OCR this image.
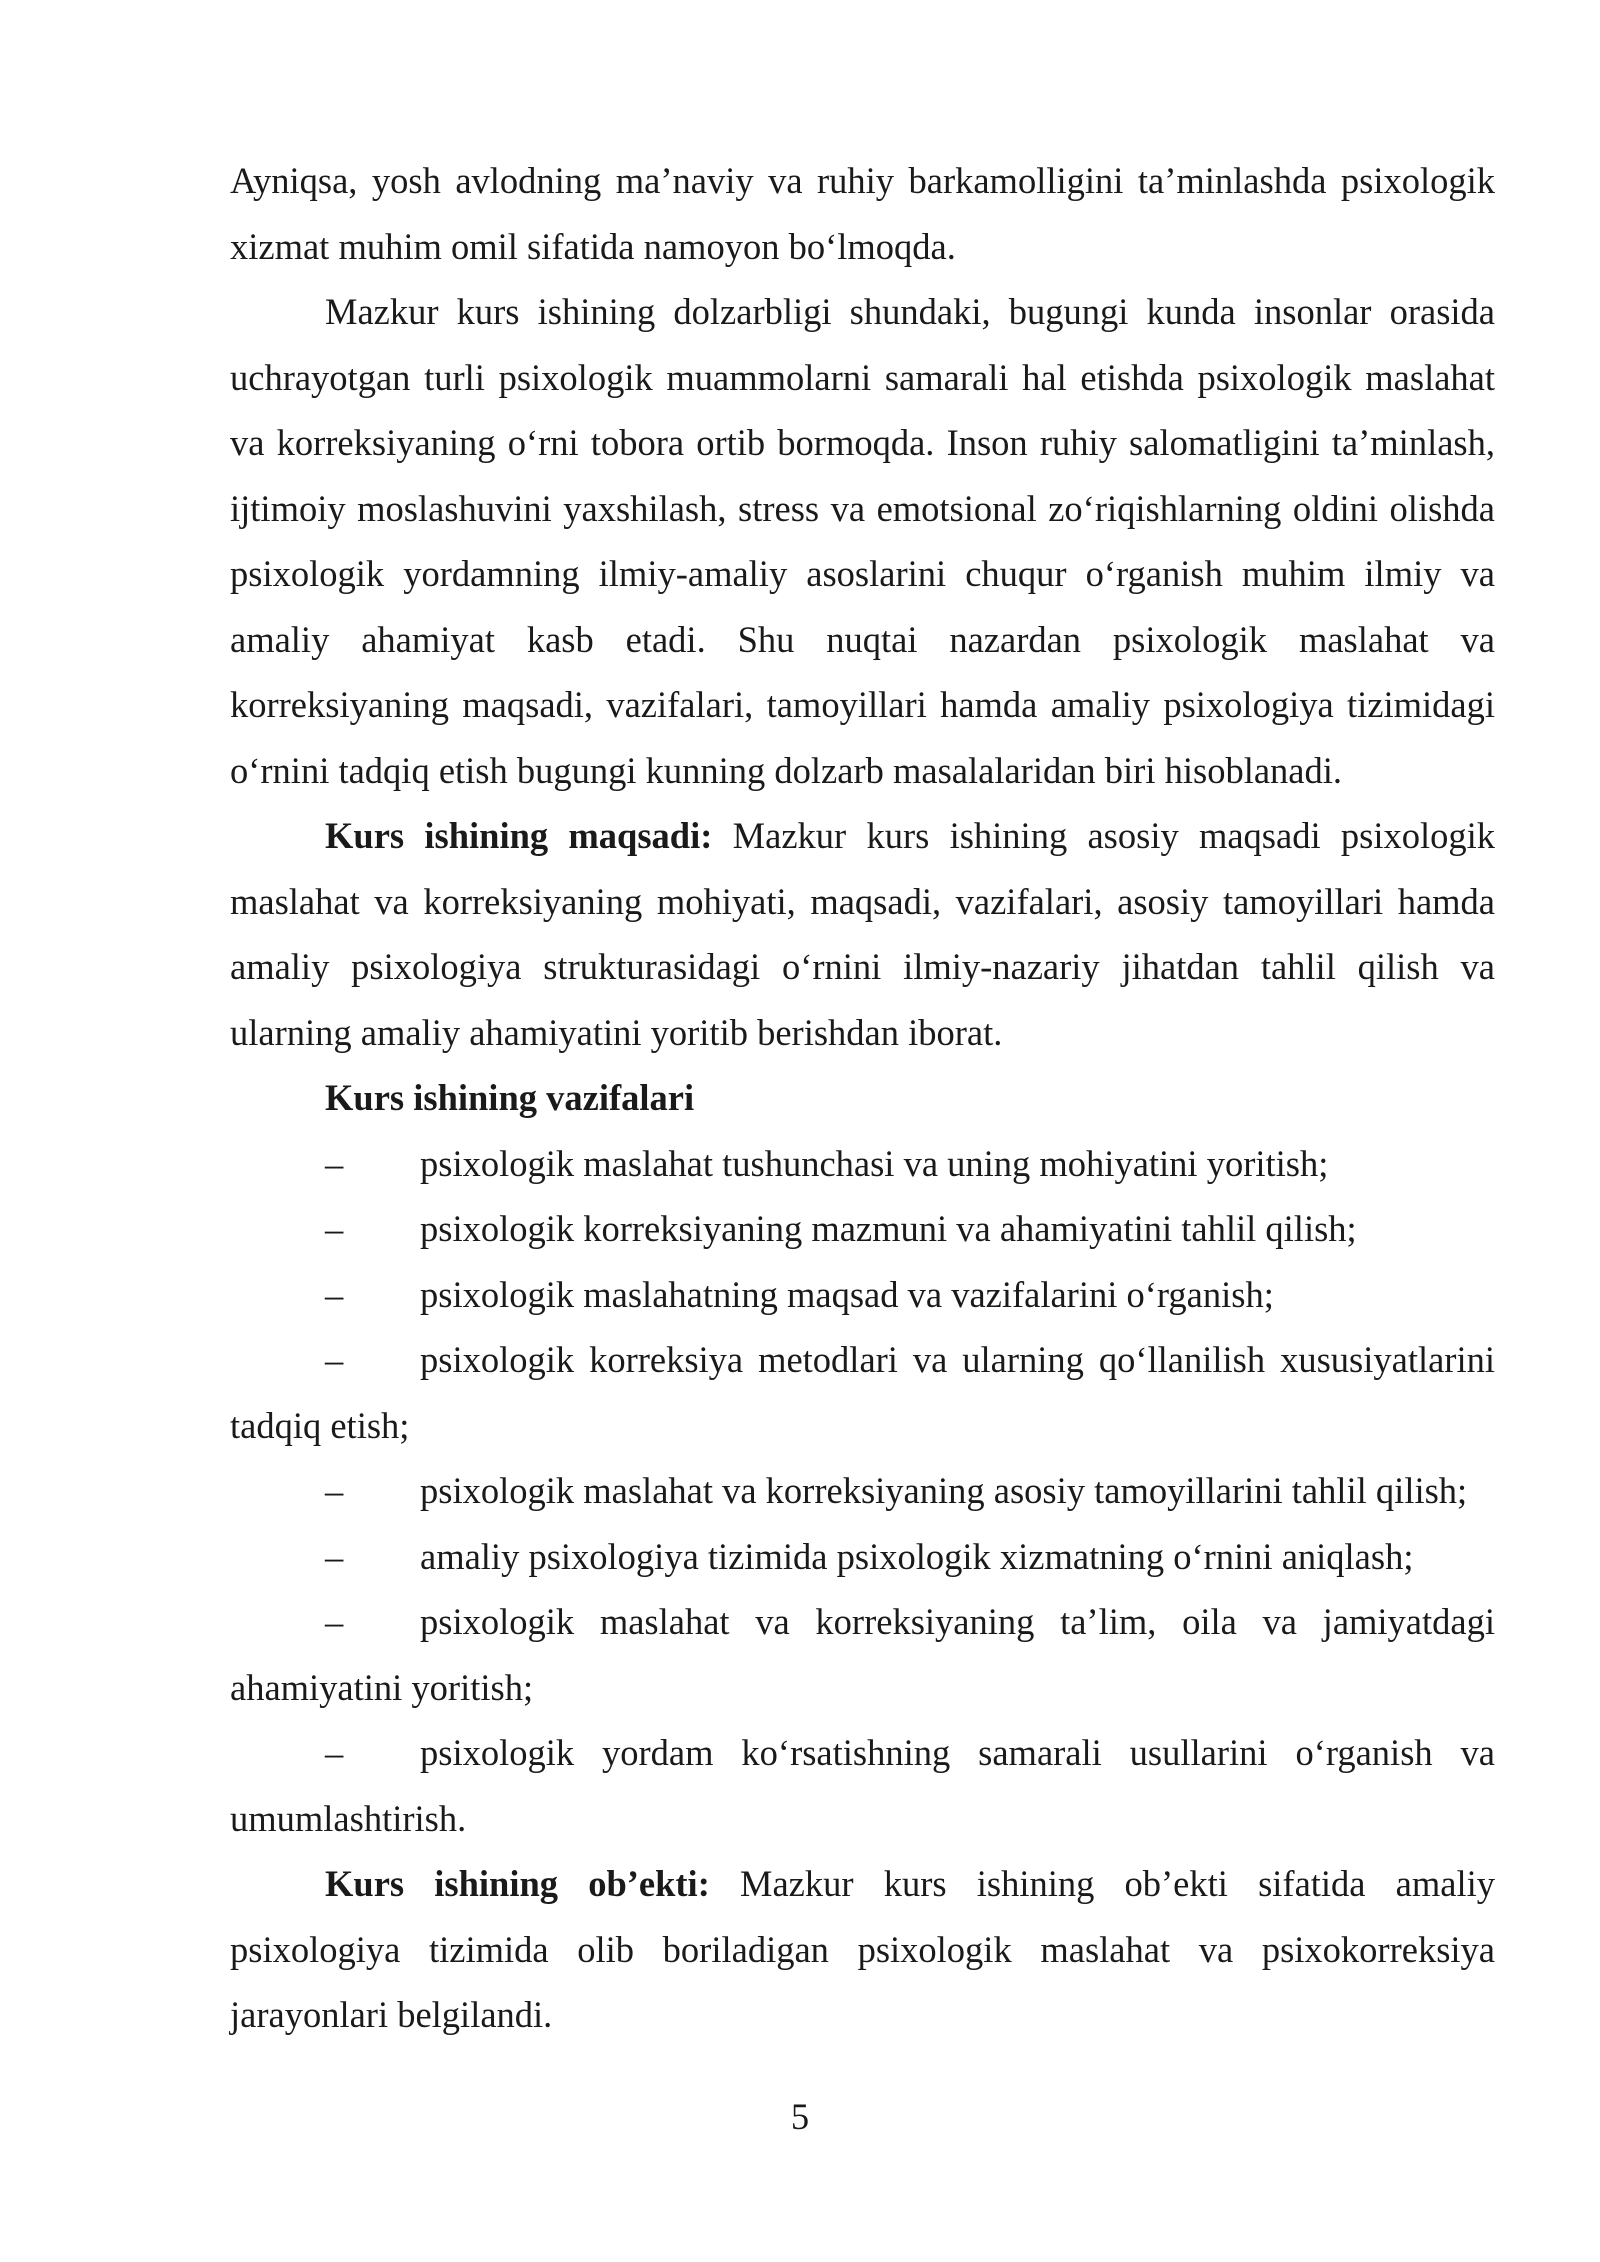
Ayniqsa, yosh avlodning ma’naviy va ruhiy barkamolligini ta’minlashda psixologik xizmat muhim omil sifatida namoyon bo‘lmoqda.

Mazkur kurs ishining dolzarbligi shundaki, bugungi kunda insonlar orasida uchrayotgan turli psixologik muammolarni samarali hal etishda psixologik maslahat va korreksiyaning o‘rni tobora ortib bormoqda. Inson ruhiy salomatligini ta’minlash, ijtimoiy moslashuvini yaxshilash, stress va emotsional zo‘riqishlarning oldini olishda psixologik yordamning ilmiy-amaliy asoslarini chuqur o‘rganish muhim ilmiy va amaliy ahamiyat kasb etadi. Shu nuqtai nazardan psixologik maslahat va korreksiyaning maqsadi, vazifalari, tamoyillari hamda amaliy psixologiya tizimidagi o‘rnini tadqiq etish bugungi kunning dolzarb masalalaridan biri hisoblanadi.

Kurs ishining maqsadi: Mazkur kurs ishining asosiy maqsadi psixologik maslahat va korreksiyaning mohiyati, maqsadi, vazifalari, asosiy tamoyillari hamda amaliy psixologiya strukturasidagi o‘rnini ilmiy-nazariy jihatdan tahlil qilish va ularning amaliy ahamiyatini yoritib berishdan iborat.

Kurs ishining vazifalari

– psixologik maslahat tushunchasi va uning mohiyatini yoritish;
– psixologik korreksiyaning mazmuni va ahamiyatini tahlil qilish;
– psixologik maslahatning maqsad va vazifalarini o‘rganish;
– psixologik korreksiya metodlari va ularning qo‘llanilish xususiyatlarini tadqiq etish;
– psixologik maslahat va korreksiyaning asosiy tamoyillarini tahlil qilish;
– amaliy psixologiya tizimida psixologik xizmatning o‘rnini aniqlash;
– psixologik maslahat va korreksiyaning ta’lim, oila va jamiyatdagi ahamiyatini yoritish;
– psixologik yordam ko‘rsatishning samarali usullarini o‘rganish va umumlashtirish.

Kurs ishining ob’ekti: Mazkur kurs ishining ob’ekti sifatida amaliy psixologiya tizimida olib boriladigan psixologik maslahat va psixokorreksiya jarayonlari belgilandi.

5
